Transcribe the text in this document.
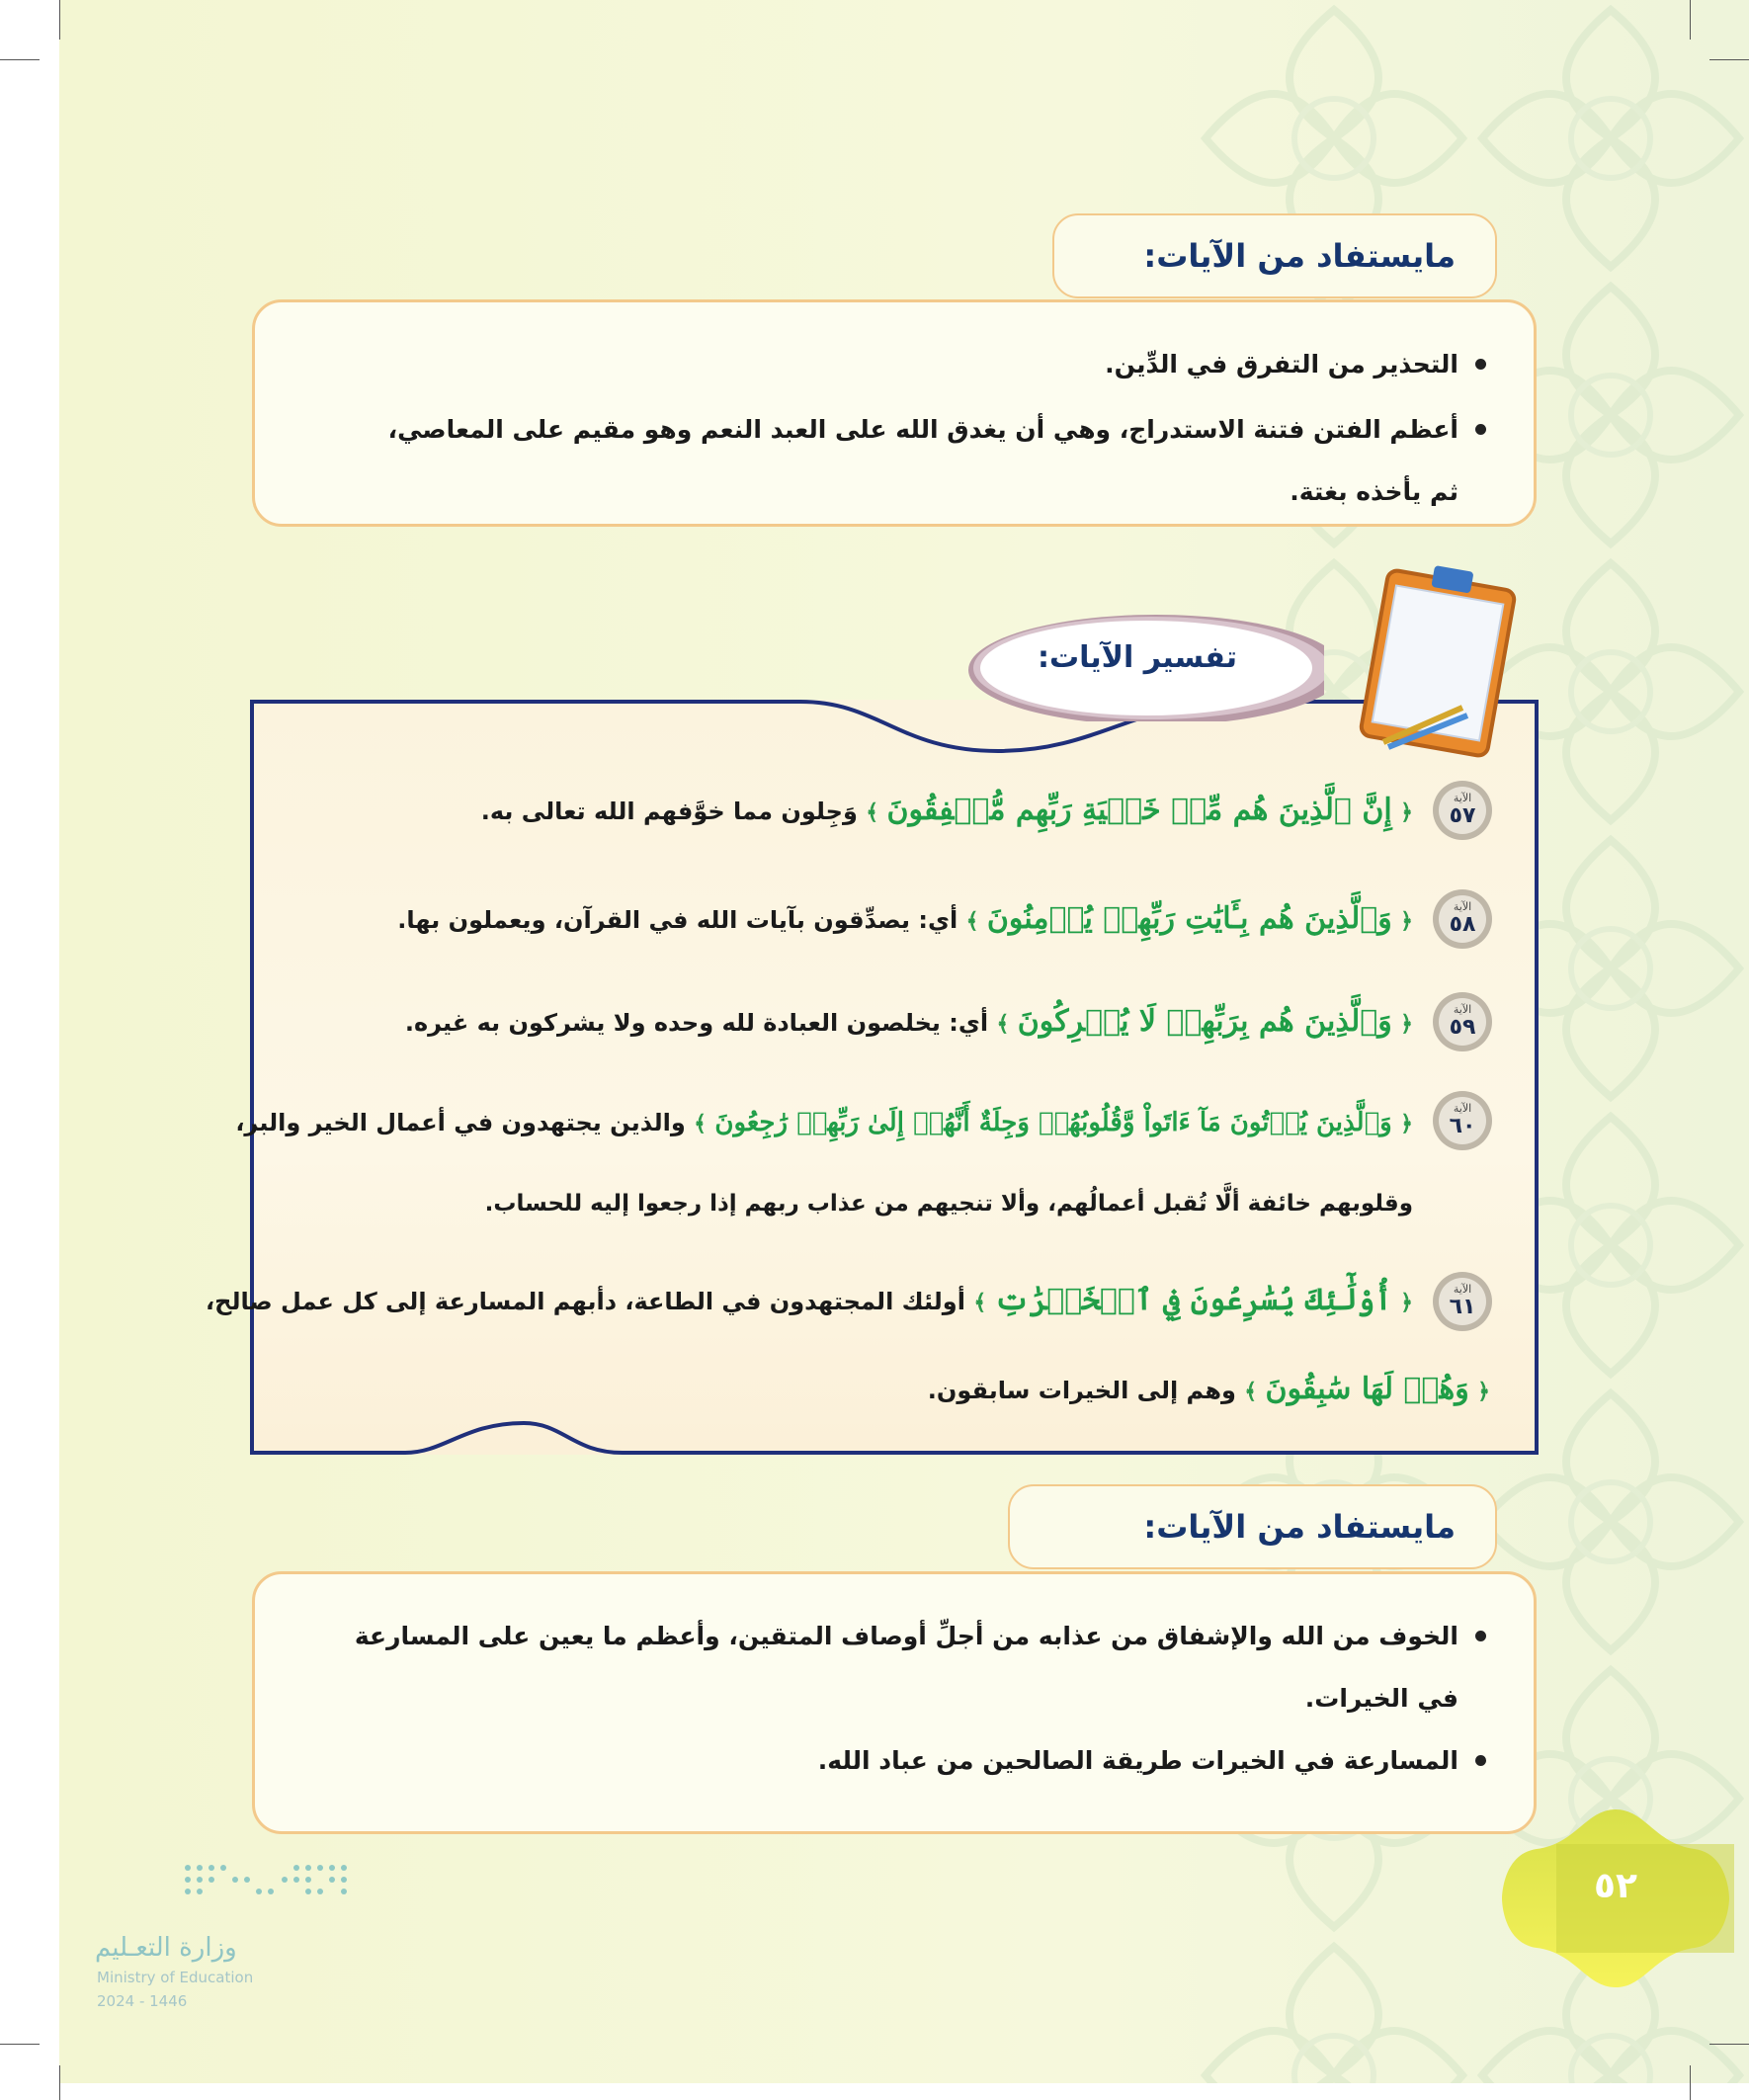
التحذير من التفرق في الدِّين.
أعظم الفتن فتنة الاستدراج، وهي أن يغدق الله على العبد النعم وهو مقيم على المعاصي،
ثم يأخذه بغتة.
مايستفاد من الآيات:
تفسير الآيات:
الآية
٥٧
الآية
٥٨
الآية
٥٩
الآية
٦٠
الآية
٦١
﴿ إِنَّ ٱلَّذِينَ هُم مِّنۡ خَشۡيَةِ رَبِّهِم مُّشۡفِقُونَ ﴾ وَجِلون مما خوَّفهم الله تعالى به.
﴿ وَٱلَّذِينَ هُم بِـَٔايَٰتِ رَبِّهِمۡ يُؤۡمِنُونَ ﴾ أي: يصدِّقون بآيات الله في القرآن، ويعملون بها.
﴿ وَٱلَّذِينَ هُم بِرَبِّهِمۡ لَا يُشۡرِكُونَ ﴾ أي: يخلصون العبادة لله وحده ولا يشركون به غيره.
﴿ وَٱلَّذِينَ يُؤۡتُونَ مَآ ءَاتَواْ وَّقُلُوبُهُمۡ وَجِلَةٌ أَنَّهُمۡ إِلَىٰ رَبِّهِمۡ رَٰجِعُونَ ﴾ والذين يجتهدون في أعمال الخير والبر،
وقلوبهم خائفة ألَّا تُقبل أعمالُهم، وألا تنجيهم من عذاب ربهم إذا رجعوا إليه للحساب.
﴿ أُوْلَٰٓئِكَ يُسَٰرِعُونَ فِي ٱلۡخَيۡرَٰتِ ﴾ أولئك المجتهدون في الطاعة، دأبهم المسارعة إلى كل عمل صالح،
﴿ وَهُمۡ لَهَا سَٰبِقُونَ ﴾ وهم إلى الخيرات سابقون.
الخوف من الله والإشفاق من عذابه من أجلِّ أوصاف المتقين، وأعظم ما يعين على المسارعة
في الخيرات.
المسارعة في الخيرات طريقة الصالحين من عباد الله.
مايستفاد من الآيات:
٥٢
وزارة التعـليم
Ministry of Education
2024 - 1446
